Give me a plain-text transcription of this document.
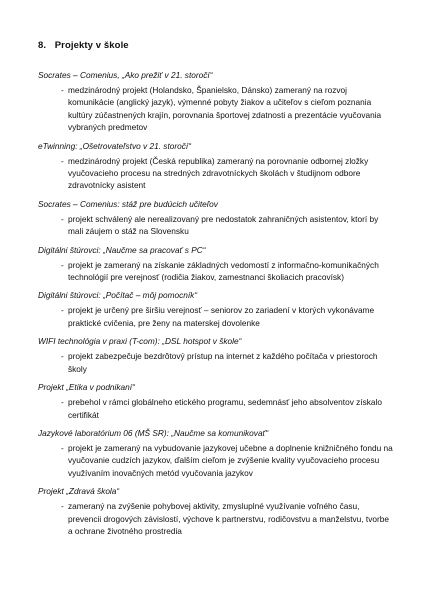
8. Projekty v škole

Socrates – Comenius, „Ako prežiť v 21. storočí“

- medzinárodný projekt (Holandsko, Španielsko, Dánsko) zameraný na rozvoj komunikácie (anglický jazyk), výmenné pobyty žiakov a učiteľov s cieľom poznania kultúry zúčastnených krajín, porovnania športovej zdatnosti a prezentácie vyučovania vybraných predmetov

eTwinning: „Ošetrovateľstvo v 21. storočí“

- medzinárodný projekt (Česká republika) zameraný na porovnanie odbornej zložky vyučovacieho procesu na stredných zdravotníckych školách v študijnom odbore zdravotnícky asistent

Socrates – Comenius: stáž pre budúcich učiteľov

- projekt schválený ale nerealizovaný pre nedostatok zahraničných asistentov, ktorí by mali záujem o stáž na Slovensku

Digitálni štúrovci: „Naučme sa pracovať s PC“

- projekt je zameraný na získanie základných vedomostí z informačno-komunikačných technológií pre verejnosť (rodičia žiakov, zamestnanci školiacich pracovísk)

Digitálni štúrovci: „Počítač – môj pomocník“

- projekt je určený pre širšiu verejnosť – seniorov zo zariadení v ktorých vykonávame praktické cvičenia, pre ženy na materskej dovolenke

WIFI technológia v praxi (T-com): „DSL hotspot v škole“

- projekt zabezpečuje bezdrôtový prístup na internet z každého počítača v priestoroch školy

Projekt „Etika v podnikaní“

- prebehol v rámci globálneho etického programu, sedemnásť jeho absolventov získalo certifikát

Jazykové laboratórium 06 (MŠ SR): „Naučme sa komunikovať“

- projekt je zameraný na vybudovanie jazykovej učebne a doplnenie knižničného fondu na vyučovanie cudzích jazykov, ďalším cieľom je zvýšenie kvality vyučovacieho procesu využívaním inovačných metód vyučovania jazykov

Projekt „Zdravá škola“

- zameraný na zvýšenie pohybovej aktivity, zmysluplné využívanie voľného času, prevencii drogových závislostí, výchove k partnerstvu, rodičovstvu a manželstvu, tvorbe a ochrane životného prostredia
